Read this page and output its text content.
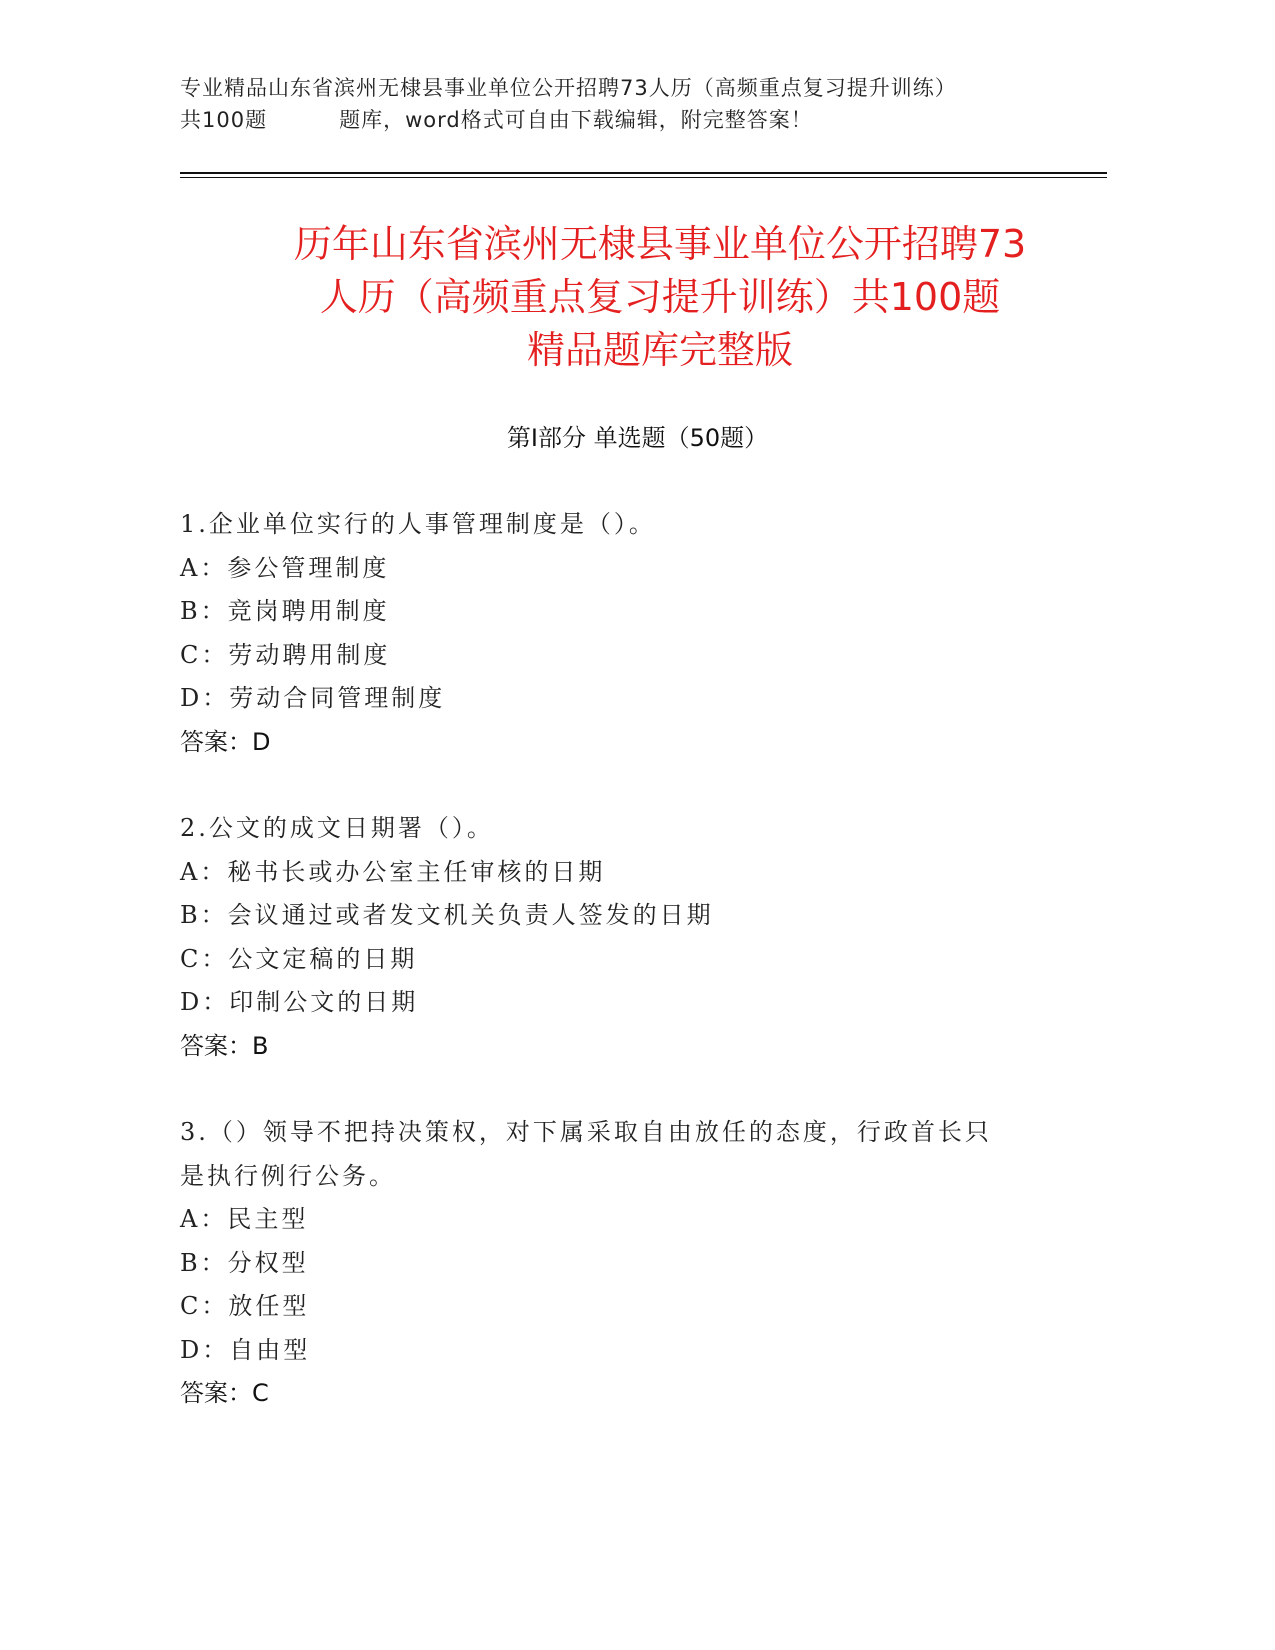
专业精品山东省滨州无棣县事业单位公开招聘73人历（高频重点复习提升训练）
共100题	题库，word格式可自由下载编辑，附完整答案！
历年山东省滨州无棣县事业单位公开招聘73
人历（高频重点复习提升训练）共100题
精品题库完整版
第I部分 单选题（50题）
1.企业单位实行的人事管理制度是（）。
A：参公管理制度
B：竞岗聘用制度
C：劳动聘用制度
D：劳动合同管理制度
答案：D
2.公文的成文日期署（）。
A：秘书长或办公室主任审核的日期
B：会议通过或者发文机关负责人签发的日期
C：公文定稿的日期
D：印制公文的日期
答案：B
3.（）领导不把持决策权，对下属采取自由放任的态度，行政首长只
是执行例行公务。
A：民主型
B：分权型
C：放任型
D：自由型
答案：C
